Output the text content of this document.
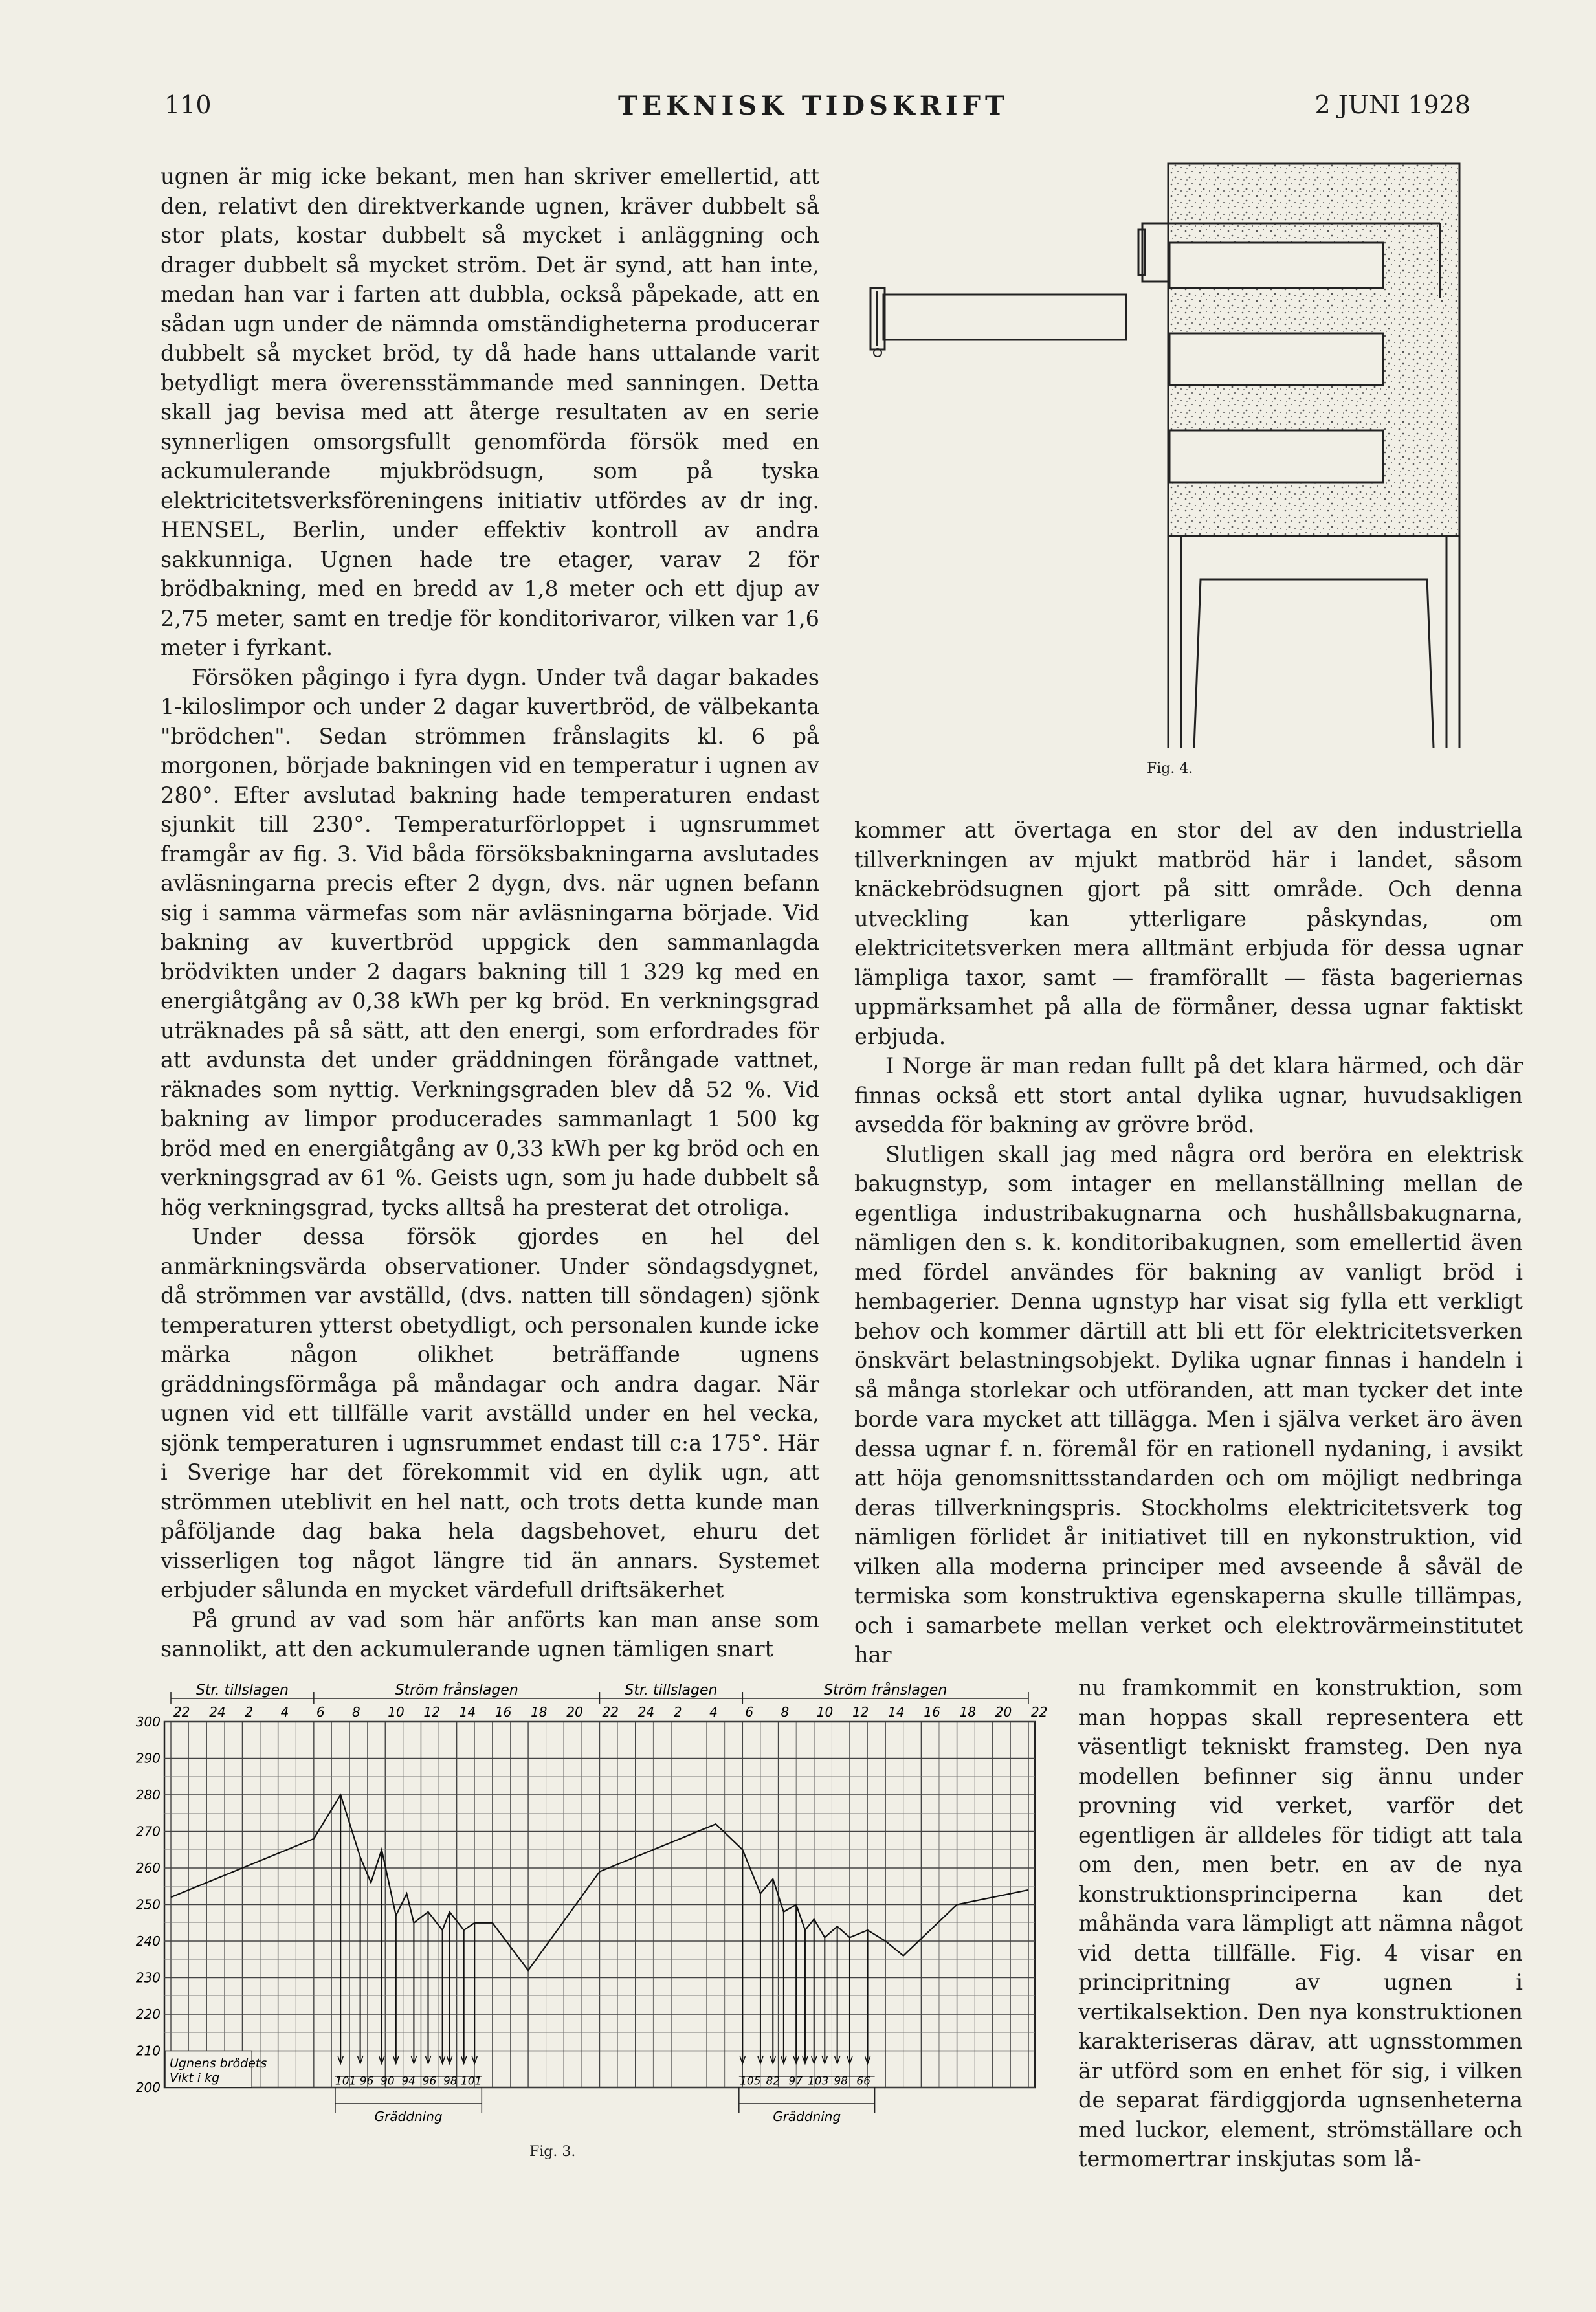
110	TEKNISK TIDSKRIFT	2 JUNI 1928

ugnen är mig icke bekant, men han skriver emellertid, att den, relativt den direktverkande ugnen, kräver dubbelt så stor plats, kostar dubbelt så mycket i anläggning och drager dubbelt så mycket ström. Det är synd, att han inte, medan han var i farten att dubbla, också påpekade, att en sådan ugn under de nämnda omständigheterna producerar dubbelt så mycket bröd, ty då hade hans uttalande varit betydligt mera överensstämmande med sanningen. Detta skall jag bevisa med att återge resultaten av en serie synnerligen omsorgsfullt genomförda försök med en ackumulerande mjukbrödsugn, som på tyska elektricitetsverksföreningens initiativ utfördes av dr ing. HENSEL, Berlin, under effektiv kontroll av andra sakkunniga. Ugnen hade tre etager, varav 2 för brödbakning, med en bredd av 1,8 meter och ett djup av 2,75 meter, samt en tredje för konditorivaror, vilken var 1,6 meter i fyrkant.

Försöken pågingo i fyra dygn. Under två dagar bakades 1-kiloslimpor och under 2 dagar kuvertbröd, de välbekanta "brödchen". Sedan strömmen frånslagits kl. 6 på morgonen, började bakningen vid en temperatur i ugnen av 280°. Efter avslutad bakning hade temperaturen endast sjunkit till 230°. Temperaturförloppet i ugnsrummet framgår av fig. 3. Vid båda försöksbakningarna avslutades avläsningarna precis efter 2 dygn, dvs. när ugnen befann sig i samma värmefas som när avläsningarna började. Vid bakning av kuvertbröd uppgick den sammanlagda brödvikten under 2 dagars bakning till 1 329 kg med en energiåtgång av 0,38 kWh per kg bröd. En verkningsgrad uträknades på så sätt, att den energi, som erfordrades för att avdunsta det under gräddningen förångade vattnet, räknades som nyttig. Verkningsgraden blev då 52 %. Vid bakning av limpor producerades sammanlagt 1 500 kg bröd med en energiåtgång av 0,33 kWh per kg bröd och en verkningsgrad av 61 %. Geists ugn, som ju hade dubbelt så hög verkningsgrad, tycks alltså ha presterat det otroliga.

Under dessa försök gjordes en hel del anmärkningsvärda observationer. Under söndagsdygnet, då strömmen var avställd, (dvs. natten till söndagen) sjönk temperaturen ytterst obetydligt, och personalen kunde icke märka någon olikhet beträffande ugnens gräddningsförmåga på måndagar och andra dagar. När ugnen vid ett tillfälle varit avställd under en hel vecka, sjönk temperaturen i ugnsrummet endast till c:a 175°. Här i Sverige har det förekommit vid en dylik ugn, att strömmen uteblivit en hel natt, och trots detta kunde man påföljande dag baka hela dagsbehovet, ehuru det visserligen tog något längre tid än annars. Systemet erbjuder sålunda en mycket värdefull driftsäkerhet

På grund av vad som här anförts kan man anse som sannolikt, att den ackumulerande ugnen tämligen snart

Fig. 4.

kommer att övertaga en stor del av den industriella tillverkningen av mjukt matbröd här i landet, såsom knäckebrödsugnen gjort på sitt område. Och denna utveckling kan ytterligare påskyndas, om elektricitetsverken mera alltmänt erbjuda för dessa ugnar lämpliga taxor, samt — framförallt — fästa bageriernas uppmärksamhet på alla de förmåner, dessa ugnar faktiskt erbjuda.

I Norge är man redan fullt på det klara härmed, och där finnas också ett stort antal dylika ugnar, huvudsakligen avsedda för bakning av grövre bröd.

Slutligen skall jag med några ord beröra en elektrisk bakugnstyp, som intager en mellanställning mellan de egentliga industribakugnarna och hushållsbakugnarna, nämligen den s. k. konditoribakugnen, som emellertid även med fördel användes för bakning av vanligt bröd i hembagerier. Denna ugnstyp har visat sig fylla ett verkligt behov och kommer därtill att bli ett för elektricitetsverken önskvärt belastningsobjekt. Dylika ugnar finnas i handeln i så många storlekar och utföranden, att man tycker det inte borde vara mycket att tillägga. Men i själva verket äro även dessa ugnar f. n. föremål för en rationell nydaning, i avsikt att höja genomsnittsstandarden och om möjligt nedbringa deras tillverkningspris. Stockholms elektricitetsverk tog nämligen förlidet år initiativet till en nykonstruktion, vid vilken alla moderna principer med avseende å såväl de termiska som konstruktiva egenskaperna skulle tillämpas, och i samarbete mellan verket och elektrovärmeinstitutet har

nu framkommit en konstruktion, som man hoppas skall representera ett väsentligt tekniskt framsteg. Den nya modellen befinner sig ännu under provning vid verket, varför det egentligen är alldeles för tidigt att tala om den, men betr. en av de nya konstruktionsprinciperna kan det måhända vara lämpligt att nämna något vid detta tillfälle. Fig. 4 visar en principritning av ugnen i vertikalsektion. Den nya konstruktionen karakteriseras därav, att ugnsstommen är utförd som en enhet för sig, i vilken de separat färdiggjorda ugnsenheterna med luckor, element, strömställare och termomertrar inskjutas som lå-

200
210
220
230
240
250
260
270
280
290
300
22 24 2 4 6 8 10 12 14 16 18 20 22 24 2 4 6 8 10 12 14 16 18 20 22
Str. tillslagen	Ström frånslagen	Str. tillslagen	Ström frånslagen
Ugnens brödets
Vikt i kg	101 96 90 94 96 98 101	105 82 97 103 98 66
Gräddning	Gräddning
Fig. 3.
